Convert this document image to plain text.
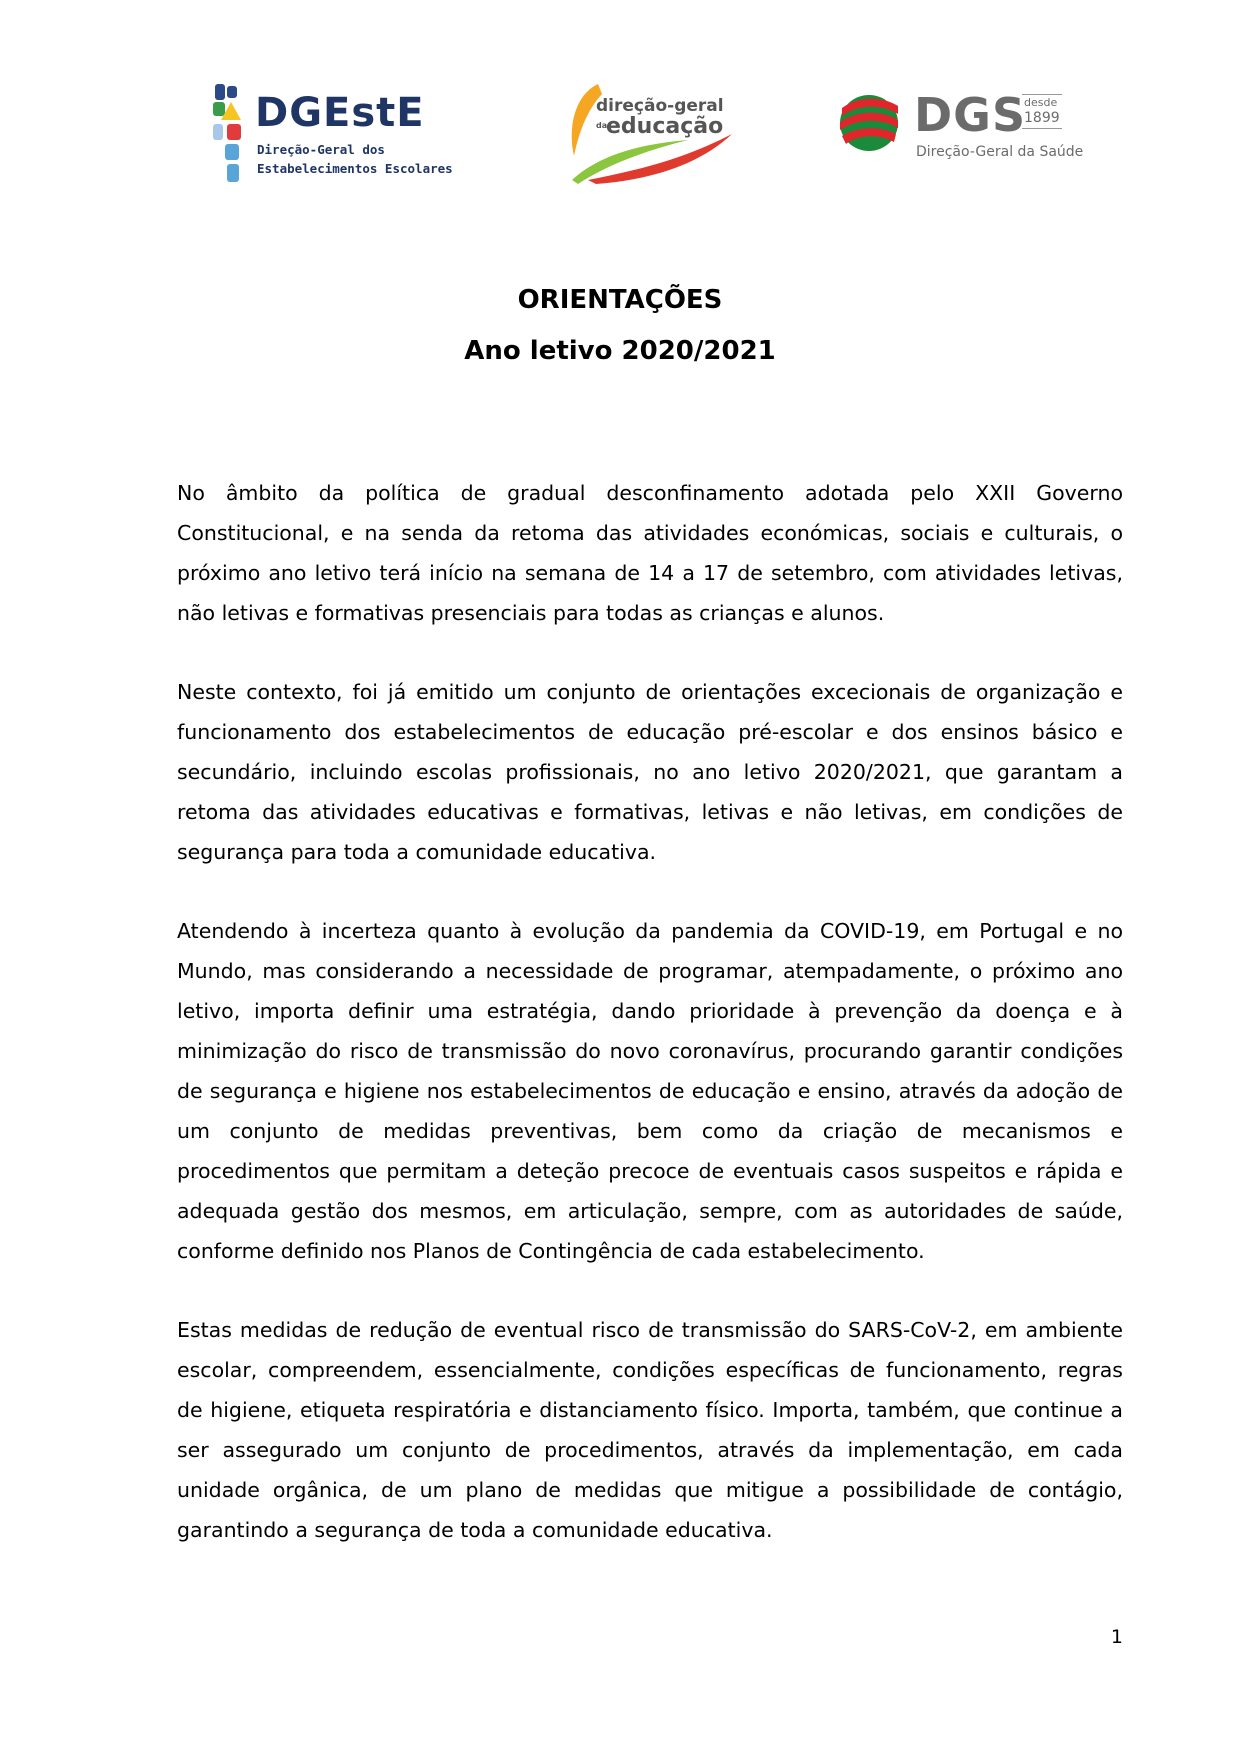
DGEstE
Direção-Geral dos
Estabelecimentos Escolares
direção-geral
da
educação	DGS
desde
1899
Direção-Geral da Saúde
ORIENTAÇÕES
Ano letivo 2020/2021

No âmbito da política de gradual desconfinamento adotada pelo XXII Governo Constitucional, e na senda da retoma das atividades económicas, sociais e culturais, o próximo ano letivo terá início na semana de 14 a 17 de setembro, com atividades letivas, não letivas e formativas presenciais para todas as crianças e alunos.

Neste contexto, foi já emitido um conjunto de orientações excecionais de organização e funcionamento dos estabelecimentos de educação pré-escolar e dos ensinos básico e secundário, incluindo escolas profissionais, no ano letivo 2020/2021, que garantam a retoma das atividades educativas e formativas, letivas e não letivas, em condições de segurança para toda a comunidade educativa.

Atendendo à incerteza quanto à evolução da pandemia da COVID-19, em Portugal e no Mundo, mas considerando a necessidade de programar, atempadamente, o próximo ano letivo, importa definir uma estratégia, dando prioridade à prevenção da doença e à minimização do risco de transmissão do novo coronavírus, procurando garantir condições de segurança e higiene nos estabelecimentos de educação e ensino, através da adoção de um conjunto de medidas preventivas, bem como da criação de mecanismos e procedimentos que permitam a deteção precoce de eventuais casos suspeitos e rápida e adequada gestão dos mesmos, em articulação, sempre, com as autoridades de saúde, conforme definido nos Planos de Contingência de cada estabelecimento.

Estas medidas de redução de eventual risco de transmissão do SARS-CoV-2, em ambiente escolar, compreendem, essencialmente, condições específicas de funcionamento, regras de higiene, etiqueta respiratória e distanciamento físico. Importa, também, que continue a ser assegurado um conjunto de procedimentos, através da implementação, em cada unidade orgânica, de um plano de medidas que mitigue a possibilidade de contágio, garantindo a segurança de toda a comunidade educativa.

1
